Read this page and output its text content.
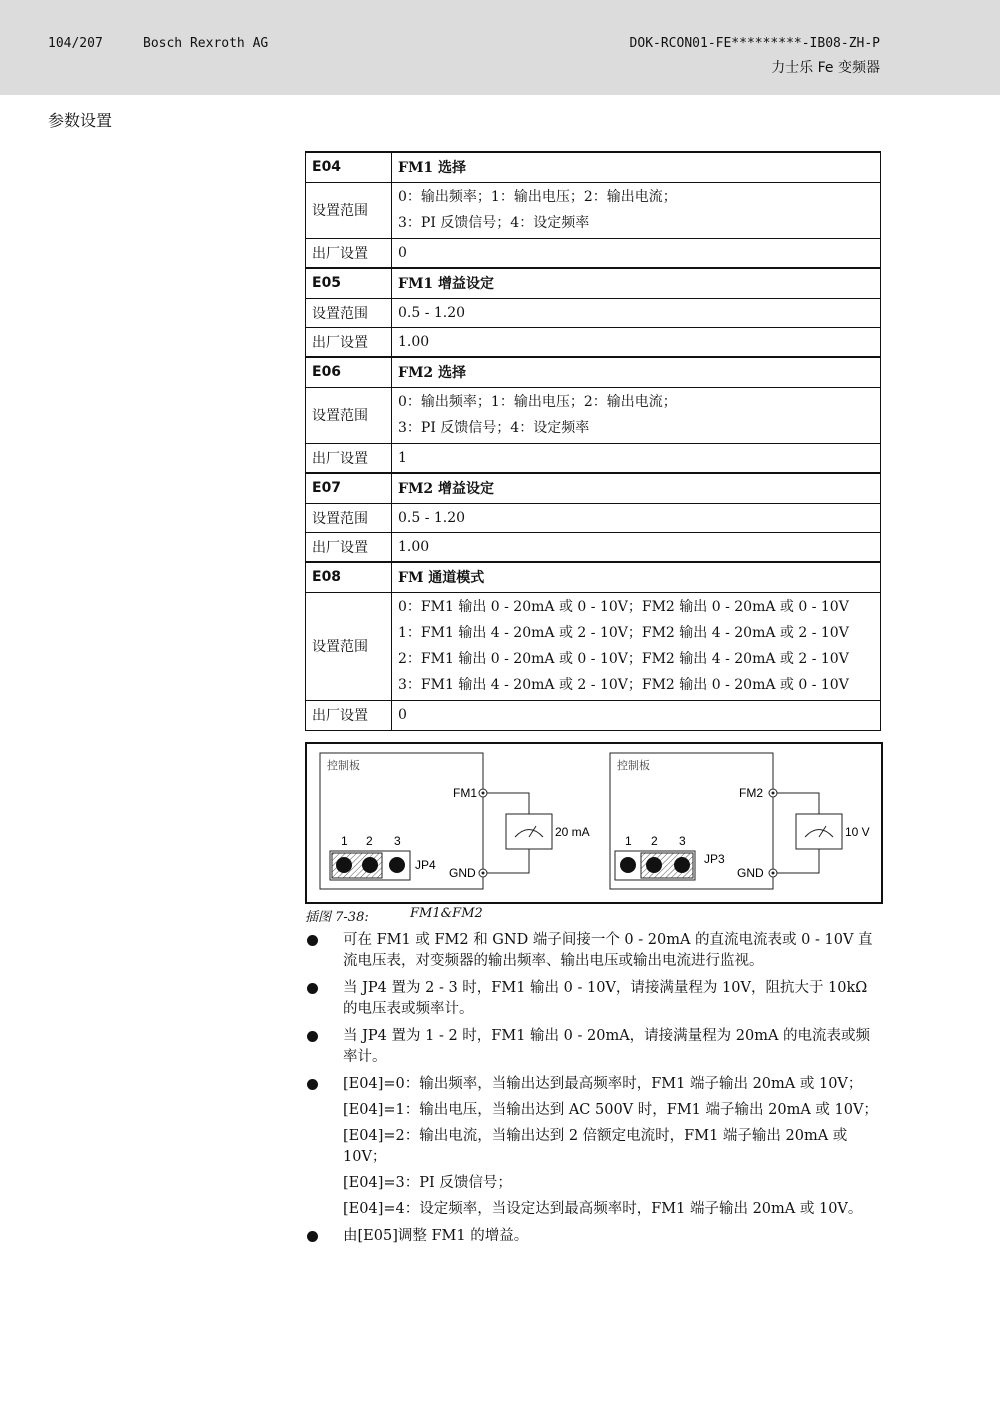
104/207	Bosch Rexroth AG	DOK-RCON01-FE*********-IB08-ZH-P
力士乐 Fe 变频器
参数设置
E04	FM1 选择
设置范围	0：输出频率；1：输出电压；2：输出电流；
3：PI 反馈信号；4：设定频率

出厂设置	0
E05	FM1 增益设定
设置范围	0.5 - 1.20

出厂设置	1.00
E06	FM2 选择
设置范围	0：输出频率；1：输出电压；2：输出电流；
3：PI 反馈信号；4：设定频率

出厂设置	1
E07	FM2 增益设定
设置范围	0.5 - 1.20

出厂设置	1.00
E08	FM 通道模式
设置范围	0：FM1 输出 0 - 20mA 或 0 - 10V；FM2 输出 0 - 20mA 或 0 - 10V
1：FM1 输出 4 - 20mA 或 2 - 10V；FM2 输出 4 - 20mA 或 2 - 10V
2：FM1 输出 0 - 20mA 或 0 - 10V；FM2 输出 4 - 20mA 或 2 - 10V
3：FM1 输出 4 - 20mA 或 2 - 10V；FM2 输出 0 - 20mA 或 0 - 10V

出厂设置	0
控制板
FM1
GND
20 mA
1 2 3
JP4
控制板
FM2
GND
10 V
1 2 3
JP3
插图 7-38:	FM1&FM2
可在 FM1 或 FM2 和 GND 端子间接一个 0 - 20mA 的直流电流表或 0 - 10V 直流电压表，对变频器的输出频率、输出电压或输出电流进行监视。
当 JP4 置为 2 - 3 时，FM1 输出 0 - 10V，请接满量程为 10V，阻抗大于 10kΩ 的电压表或频率计。
当 JP4 置为 1 - 2 时，FM1 输出 0 - 20mA，请接满量程为 20mA 的电流表或频率计。
[E04]=0：输出频率，当输出达到最高频率时，FM1 端子输出 20mA 或 10V；
[E04]=1：输出电压，当输出达到 AC 500V 时，FM1 端子输出 20mA 或 10V；
[E04]=2：输出电流，当输出达到 2 倍额定电流时，FM1 端子输出 20mA 或 10V；
[E04]=3：PI 反馈信号；
[E04]=4：设定频率，当设定达到最高频率时，FM1 端子输出 20mA 或 10V。
由[E05]调整 FM1 的增益。
